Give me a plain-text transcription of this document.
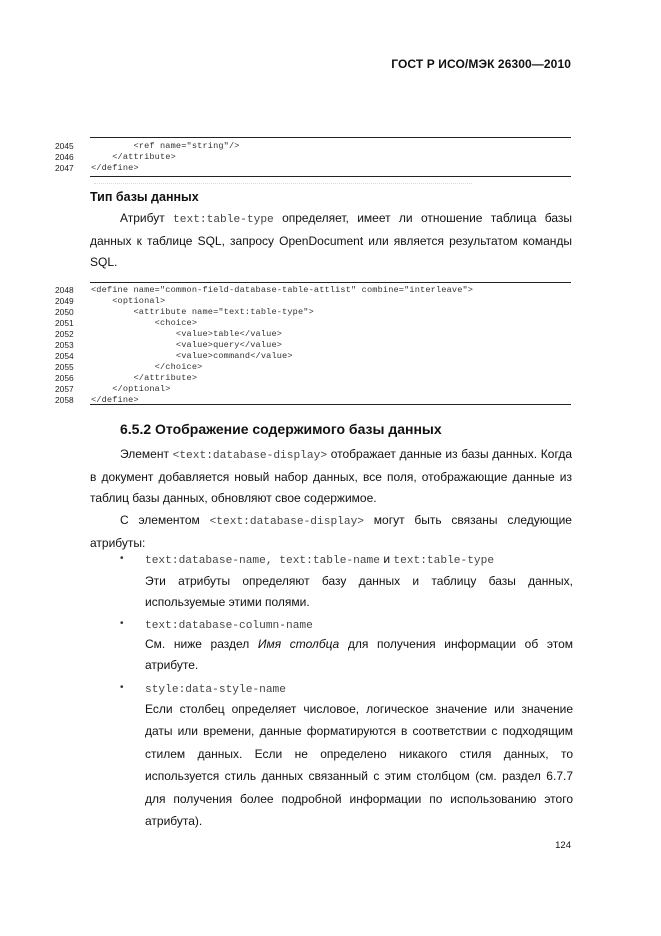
ГОСТ Р ИСО/МЭК 26300—2010
2045	<ref name="string"/>
2046	</attribute>
2047	</define>
Тип базы данных
Атрибут text:table-type определяет, имеет ли отношение таблица базы данных к таблице SQL, запросу OpenDocument или является результатом команды SQL.
2048	<define name="common-field-database-table-attlist" combine="interleave">
2049	<optional>
2050	<attribute name="text:table-type">
2051	<choice>
2052	<value>table</value>
2053	<value>query</value>
2054	<value>command</value>
2055	</choice>
2056	</attribute>
2057	</optional>
2058	</define>
6.5.2 Отображение содержимого базы данных
Элемент <text:database-display> отображает данные из базы данных. Когда в документ добавляется новый набор данных, все поля, отображающие данные из таблиц базы данных, обновляют свое содержимое.
С элементом <text:database-display> могут быть связаны следующие атрибуты:
• text:database-name, text:table-name и text:table-type
Эти атрибуты определяют базу данных и таблицу базы данных, используемые этими полями.
• text:database-column-name
См. ниже раздел Имя столбца для получения информации об этом атрибуте.
• style:data-style-name
Если столбец определяет числовое, логическое значение или значение даты или времени, данные форматируются в соответствии с подходящим стилем данных. Если не определено никакого стиля данных, то используется стиль данных связанный с этим столбцом (см. раздел 6.7.7 для получения более подробной информации по использованию этого атрибута).
124
